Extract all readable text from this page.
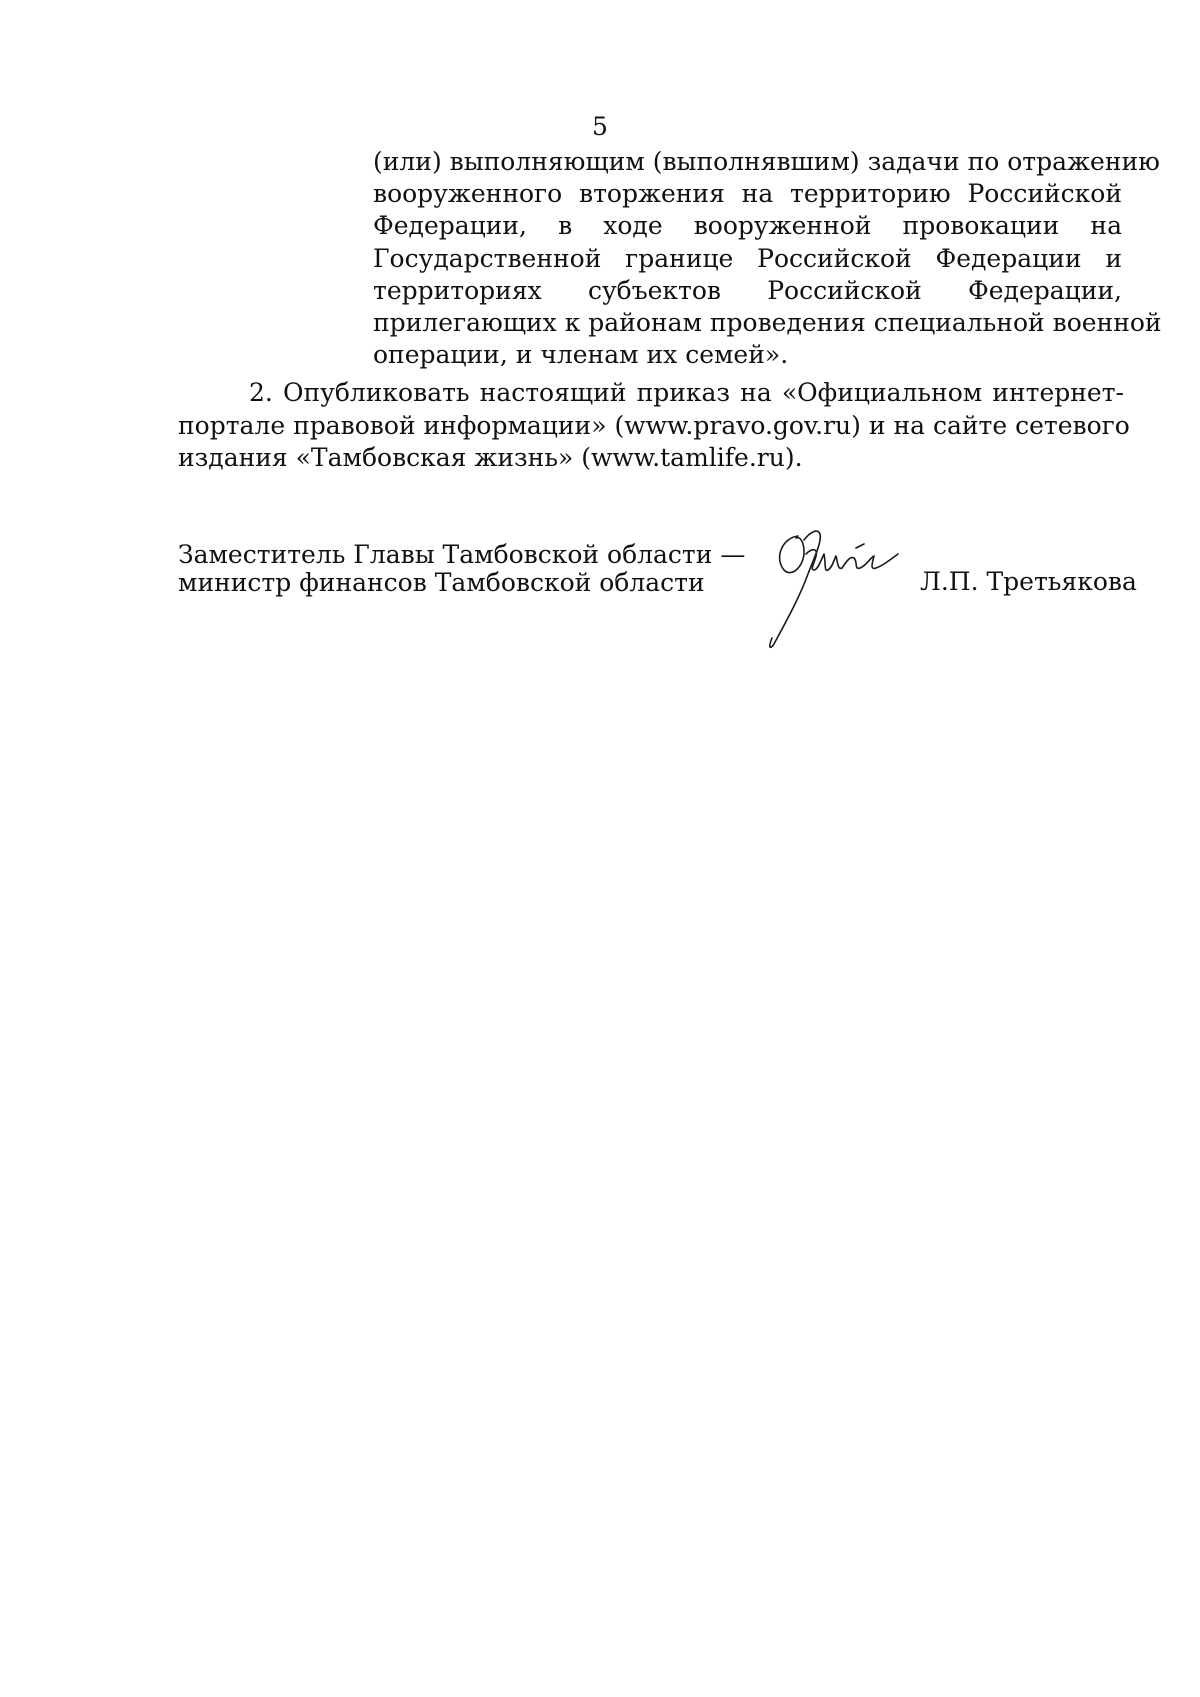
5
(или) выполняющим (выполнявшим) задачи по отражению
вооруженного вторжения на территорию Российской
Федерации, в ходе вооруженной провокации на
Государственной границе Российской Федерации и
территориях субъектов Российской Федерации,
прилегающих к районам проведения специальной военной
операции, и членам их семей».
2. Опубликовать настоящий приказ на «Официальном интернет-
портале правовой информации» (www.pravo.gov.ru) и на сайте сетевого
издания «Тамбовская жизнь» (www.tamlife.ru).
Заместитель Главы Тамбовской области —
министр финансов Тамбовской области	Л.П. Третьякова
